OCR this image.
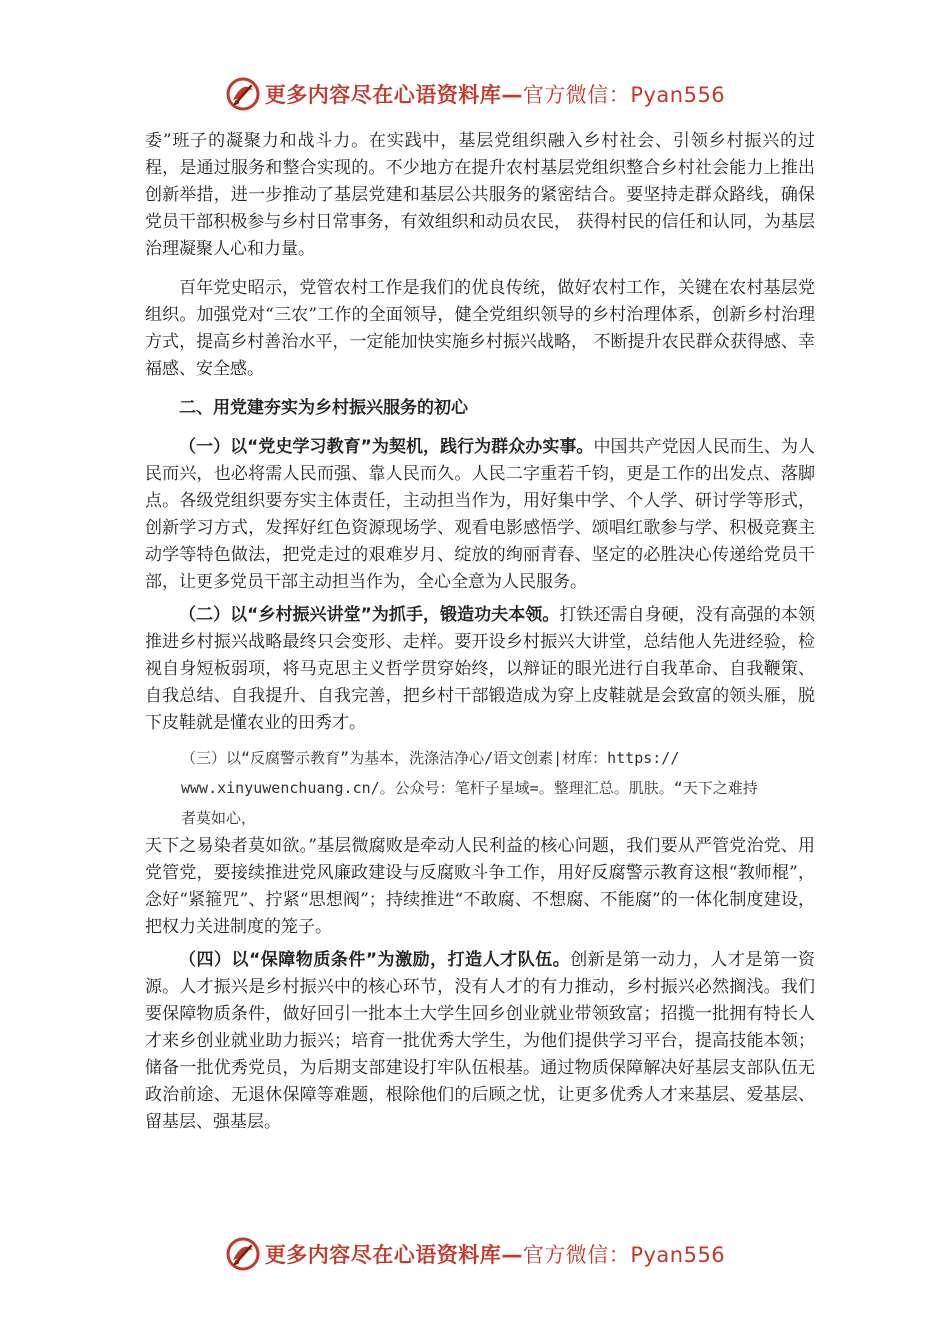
更多内容尽在心语资料库—官方微信：Pyan556

委”班子的凝聚力和战斗力。在实践中，基层党组织融入乡村社会、引领乡村振兴的过程，是通过服务和整合实现的。不少地方在提升农村基层党组织整合乡村社会能力上推出创新举措，进一步推动了基层党建和基层公共服务的紧密结合。要坚持走群众路线，确保党员干部积极参与乡村日常事务，有效组织和动员农民， 获得村民的信任和认同，为基层治理凝聚人心和力量。

百年党史昭示，党管农村工作是我们的优良传统，做好农村工作，关键在农村基层党组织。加强党对“三农”工作的全面领导，健全党组织领导的乡村治理体系，创新乡村治理方式，提高乡村善治水平，一定能加快实施乡村振兴战略， 不断提升农民群众获得感、幸福感、安全感。

二、用党建夯实为乡村振兴服务的初心

（一）以“党史学习教育”为契机，践行为群众办实事。中国共产党因人民而生、为人民而兴，也必将需人民而强、靠人民而久。人民二字重若千钧，更是工作的出发点、落脚点。各级党组织要夯实主体责任，主动担当作为，用好集中学、个人学、研讨学等形式，创新学习方式，发挥好红色资源现场学、观看电影感悟学、颂唱红歌参与学、积极竞赛主动学等特色做法，把党走过的艰难岁月、绽放的绚丽青春、坚定的必胜决心传递给党员干部，让更多党员干部主动担当作为，全心全意为人民服务。

（二）以“乡村振兴讲堂”为抓手，锻造功夫本领。打铁还需自身硬，没有高强的本领推进乡村振兴战略最终只会变形、走样。要开设乡村振兴大讲堂，总结他人先进经验，检视自身短板弱项，将马克思主义哲学贯穿始终，以辩证的眼光进行自我革命、自我鞭策、自我总结、自我提升、自我完善，把乡村干部锻造成为穿上皮鞋就是会致富的领头雁，脱下皮鞋就是懂农业的田秀才。

（三）以“反腐警示教育”为基本，洗涤洁净心/语文创素|材库：https://

www.xinyuwenchuang.cn/。公众号：笔杆子星域=。整理汇总。肌肤。“天下之难持

者莫如心，

天下之易染者莫如欲。”基层微腐败是牵动人民利益的核心问题，我们要从严管党治党、用党管党，要接续推进党风廉政建设与反腐败斗争工作，用好反腐警示教育这根“教师棍”，念好“紧箍咒”、拧紧“思想阀”；持续推进“不敢腐、不想腐、不能腐”的一体化制度建设，把权力关进制度的笼子。

（四）以“保障物质条件”为激励，打造人才队伍。创新是第一动力，人才是第一资源。人才振兴是乡村振兴中的核心环节，没有人才的有力推动，乡村振兴必然搁浅。我们要保障物质条件，做好回引一批本土大学生回乡创业就业带领致富；招揽一批拥有特长人才来乡创业就业助力振兴；培育一批优秀大学生，为他们提供学习平台，提高技能本领；储备一批优秀党员，为后期支部建设打牢队伍根基。通过物质保障解决好基层支部队伍无政治前途、无退休保障等难题，根除他们的后顾之忧，让更多优秀人才来基层、爱基层、留基层、强基层。

更多内容尽在心语资料库—官方微信：Pyan556
